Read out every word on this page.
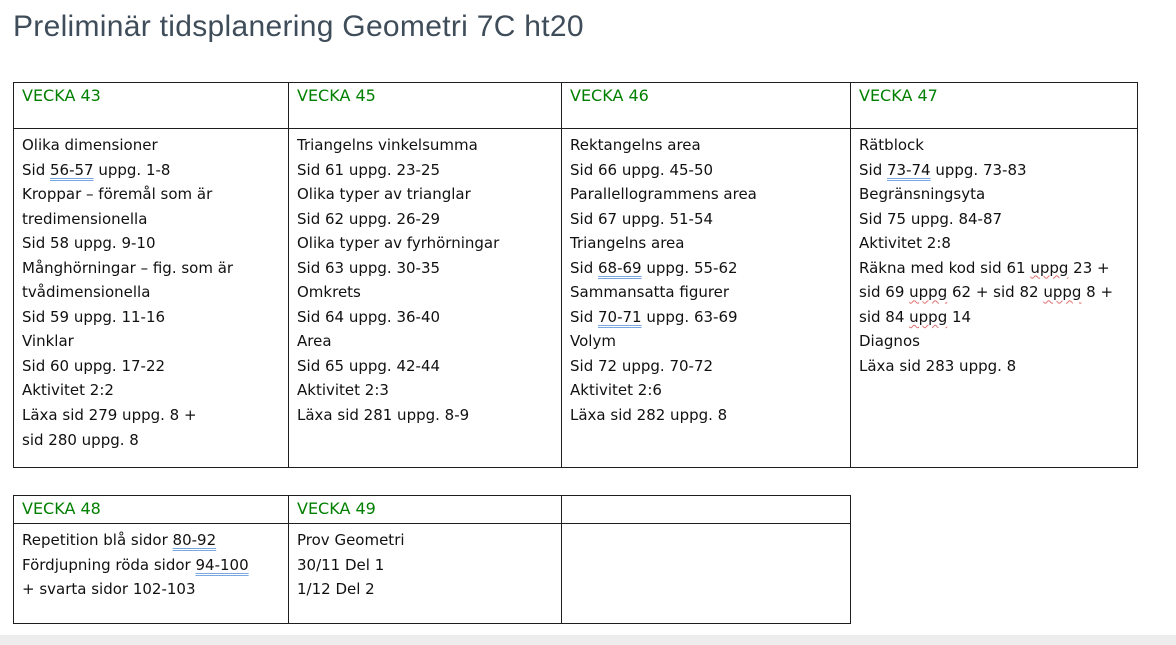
Preliminär tidsplanering Geometri 7C ht20
VECKA 43	VECKA 45	VECKA 46	VECKA 47

Olika dimensioner
Sid 56-57 uppg. 1-8
Kroppar – föremål som är
tredimensionella
Sid 58 uppg. 9-10
Månghörningar – fig. som är
tvådimensionella
Sid 59 uppg. 11-16
Vinklar
Sid 60 uppg. 17-22
Aktivitet 2:2
Läxa sid 279 uppg. 8 +
sid 280 uppg. 8

Triangelns vinkelsumma
Sid 61 uppg. 23-25
Olika typer av trianglar
Sid 62 uppg. 26-29
Olika typer av fyrhörningar
Sid 63 uppg. 30-35
Omkrets
Sid 64 uppg. 36-40
Area
Sid 65 uppg. 42-44
Aktivitet 2:3
Läxa sid 281 uppg. 8-9

Rektangelns area
Sid 66 uppg. 45-50
Parallellogrammens area
Sid 67 uppg. 51-54
Triangelns area
Sid 68-69 uppg. 55-62
Sammansatta figurer
Sid 70-71 uppg. 63-69
Volym
Sid 72 uppg. 70-72
Aktivitet 2:6
Läxa sid 282 uppg. 8

Rätblock
Sid 73-74 uppg. 73-83
Begränsningsyta
Sid 75 uppg. 84-87
Aktivitet 2:8
Räkna med kod sid 61 uppg 23 +
sid 69 uppg 62 + sid 82 uppg 8 +
sid 84 uppg 14
Diagnos
Läxa sid 283 uppg. 8
VECKA 48	VECKA 49	

Repetition blå sidor 80-92
Fördjupning röda sidor 94-100
+ svarta sidor 102-103

Prov Geometri
30/11 Del 1
1/12 Del 2
